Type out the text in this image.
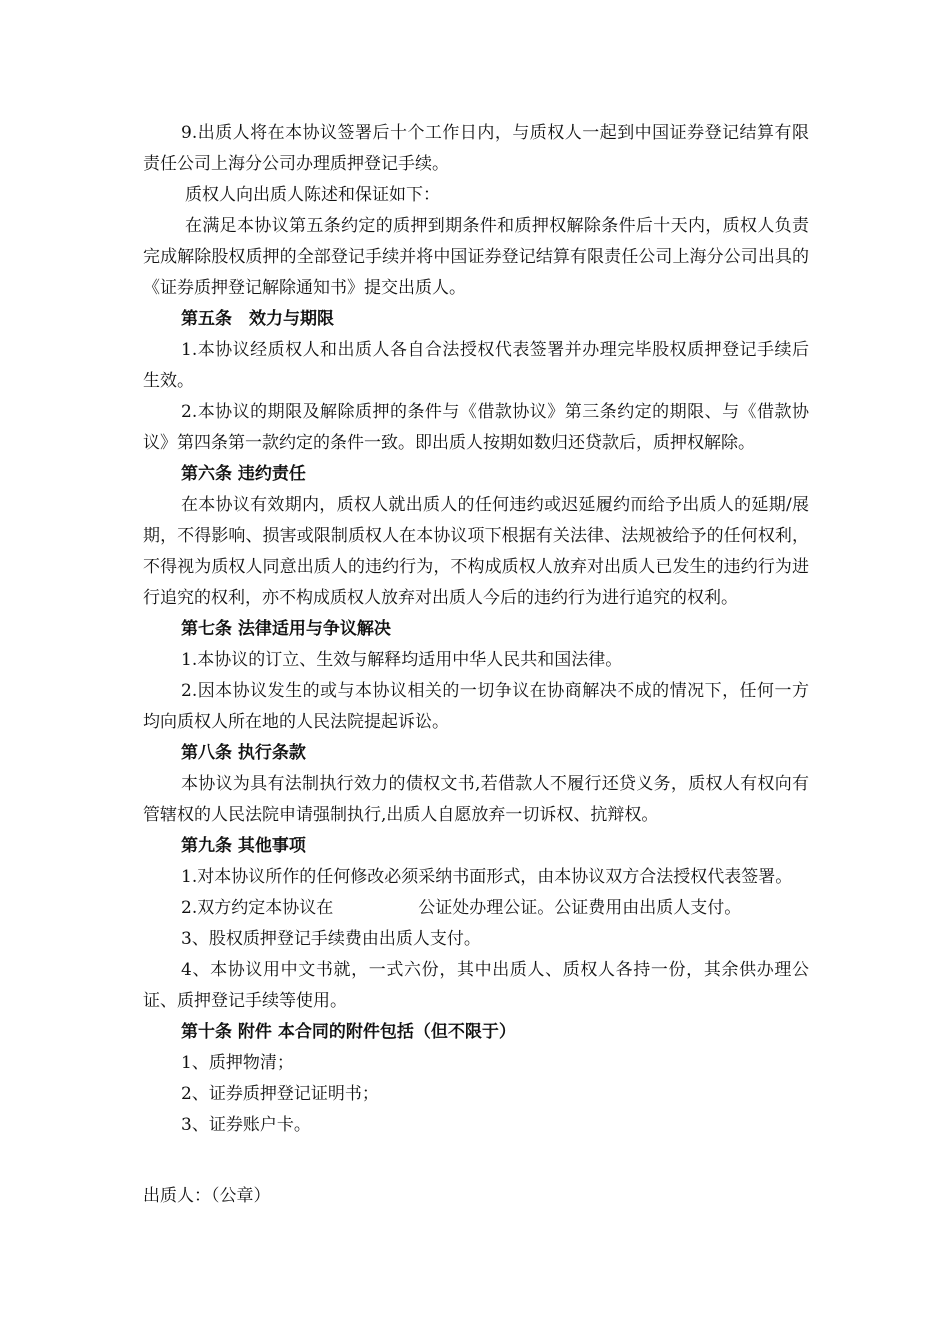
9.出质人将在本协议签署后十个工作日内，与质权人一起到中国证券登记结算有限责任公司上海分公司办理质押登记手续。

质权人向出质人陈述和保证如下：

在满足本协议第五条约定的质押到期条件和质押权解除条件后十天内，质权人负责完成解除股权质押的全部登记手续并将中国证券登记结算有限责任公司上海分公司出具的《证券质押登记解除通知书》提交出质人。

第五条　效力与期限

1.本协议经质权人和出质人各自合法授权代表签署并办理完毕股权质押登记手续后生效。

2.本协议的期限及解除质押的条件与《借款协议》第三条约定的期限、与《借款协议》第四条第一款约定的条件一致。即出质人按期如数归还贷款后，质押权解除。

第六条 违约责任

在本协议有效期内，质权人就出质人的任何违约或迟延履约而给予出质人的延期/展期，不得影响、损害或限制质权人在本协议项下根据有关法律、法规被给予的任何权利，不得视为质权人同意出质人的违约行为，不构成质权人放弃对出质人已发生的违约行为进行追究的权利，亦不构成质权人放弃对出质人今后的违约行为进行追究的权利。

第七条 法律适用与争议解决

1.本协议的订立、生效与解释均适用中华人民共和国法律。

2.因本协议发生的或与本协议相关的一切争议在协商解决不成的情况下，任何一方均向质权人所在地的人民法院提起诉讼。

第八条 执行条款

本协议为具有法制执行效力的债权文书,若借款人不履行还贷义务，质权人有权向有管辖权的人民法院申请强制执行,出质人自愿放弃一切诉权、抗辩权。

第九条 其他事项

1.对本协议所作的任何修改必须采纳书面形式，由本协议双方合法授权代表签署。

2.双方约定本协议在　　　　　公证处办理公证。公证费用由出质人支付。

3、股权质押登记手续费由出质人支付。

4、本协议用中文书就，一式六份，其中出质人、质权人各持一份，其余供办理公证、质押登记手续等使用。

第十条 附件 本合同的附件包括（但不限于）

1、质押物清；

2、证券质押登记证明书；

3、证券账户卡。

出质人：（公章）
